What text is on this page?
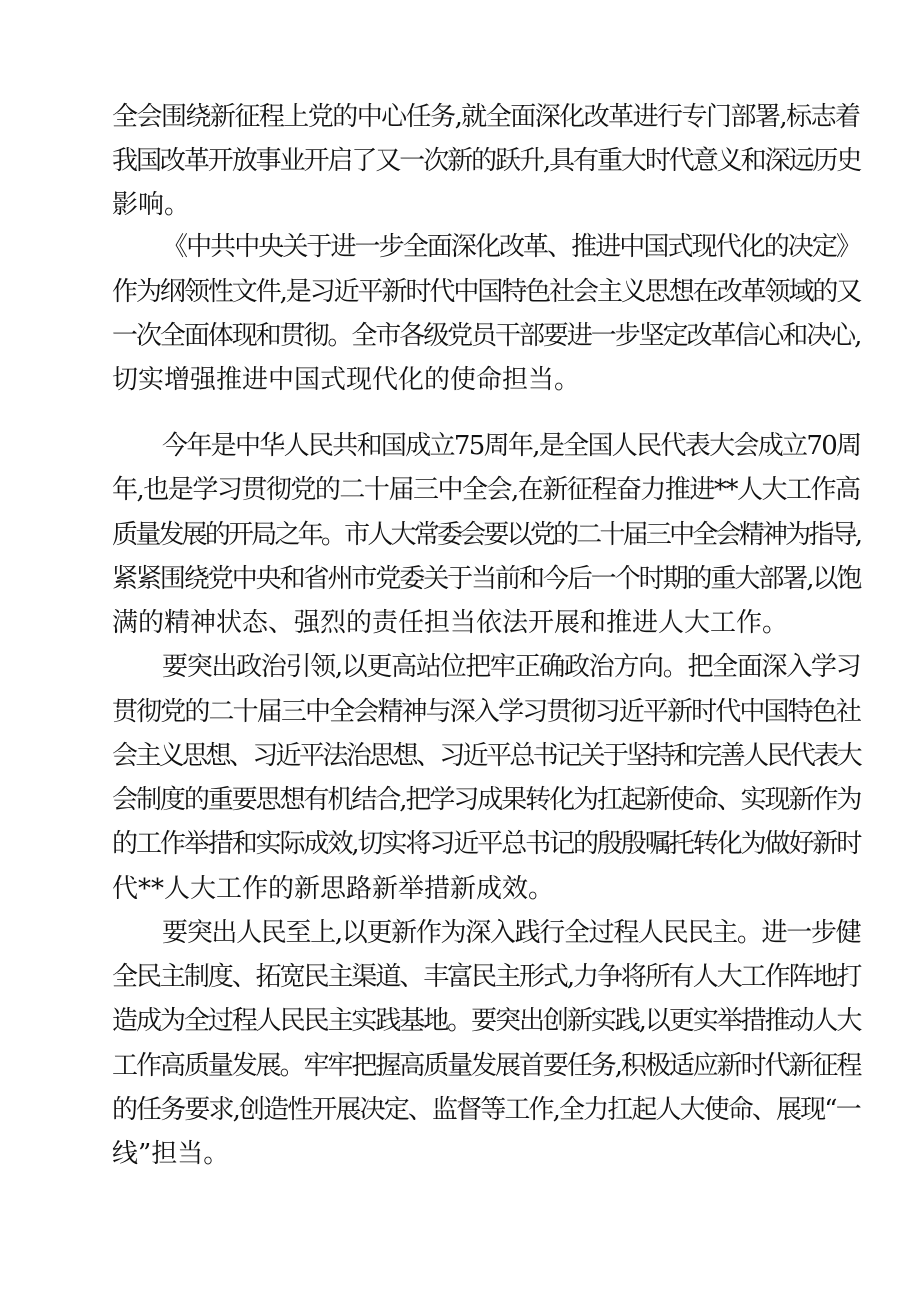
全会围绕新征程上党的中心任务,就全面深化改革进行专门部署,标志着
我国改革开放事业开启了又一次新的跃升,具有重大时代意义和深远历史
影响。
《中共中央关于进一步全面深化改革、推进中国式现代化的决定》
作为纲领性文件,是习近平新时代中国特色社会主义思想在改革领域的又
一次全面体现和贯彻。全市各级党员干部要进一步坚定改革信心和决心,
切实增强推进中国式现代化的使命担当。
今年是中华人民共和国成立75周年,是全国人民代表大会成立70周
年,也是学习贯彻党的二十届三中全会,在新征程奋力推进**人大工作高
质量发展的开局之年。市人大常委会要以党的二十届三中全会精神为指导,
紧紧围绕党中央和省州市党委关于当前和今后一个时期的重大部署,以饱
满的精神状态、强烈的责任担当依法开展和推进人大工作。
要突出政治引领,以更高站位把牢正确政治方向。把全面深入学习
贯彻党的二十届三中全会精神与深入学习贯彻习近平新时代中国特色社
会主义思想、习近平法治思想、习近平总书记关于坚持和完善人民代表大
会制度的重要思想有机结合,把学习成果转化为扛起新使命、实现新作为
的工作举措和实际成效,切实将习近平总书记的殷殷嘱托转化为做好新时
代**人大工作的新思路新举措新成效。
要突出人民至上,以更新作为深入践行全过程人民民主。进一步健
全民主制度、拓宽民主渠道、丰富民主形式,力争将所有人大工作阵地打
造成为全过程人民民主实践基地。要突出创新实践,以更实举措推动人大
工作高质量发展。牢牢把握高质量发展首要任务,积极适应新时代新征程
的任务要求,创造性开展决定、监督等工作,全力扛起人大使命、展现“一
线”担当。
